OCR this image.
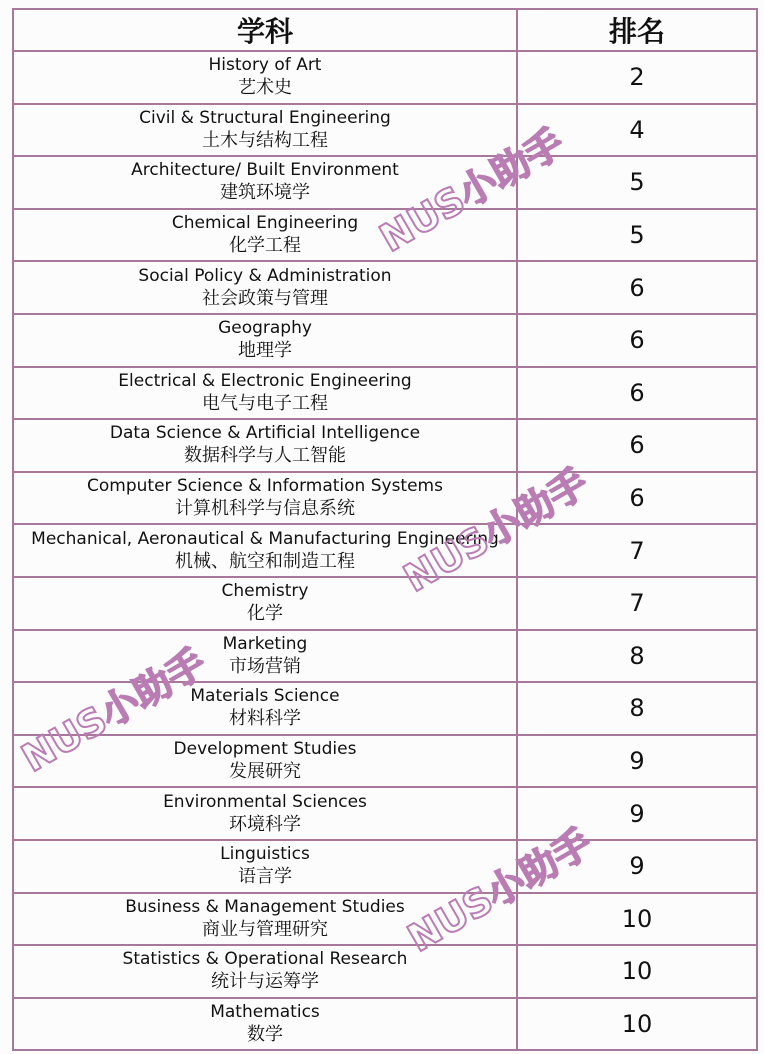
学科	排名

History of Art
艺术史	2

Civil & Structural Engineering
土木与结构工程	4

Architecture/ Built Environment
建筑环境学	5

Chemical Engineering
化学工程	5

Social Policy & Administration
社会政策与管理	6

Geography
地理学	6

Electrical & Electronic Engineering
电气与电子工程	6

Data Science & Artificial Intelligence
数据科学与人工智能	6

Computer Science & Information Systems
计算机科学与信息系统	6

Mechanical, Aeronautical & Manufacturing Engineering
机械、航空和制造工程	7

Chemistry
化学	7

Marketing
市场营销	8

Materials Science
材料科学	8

Development Studies
发展研究	9

Environmental Sciences
环境科学	9

Linguistics
语言学	9

Business & Management Studies
商业与管理研究	10

Statistics & Operational Research
统计与运筹学	10

Mathematics
数学	10
NUS小助手
NUS小助手
NUS小助手
NUS小助手
